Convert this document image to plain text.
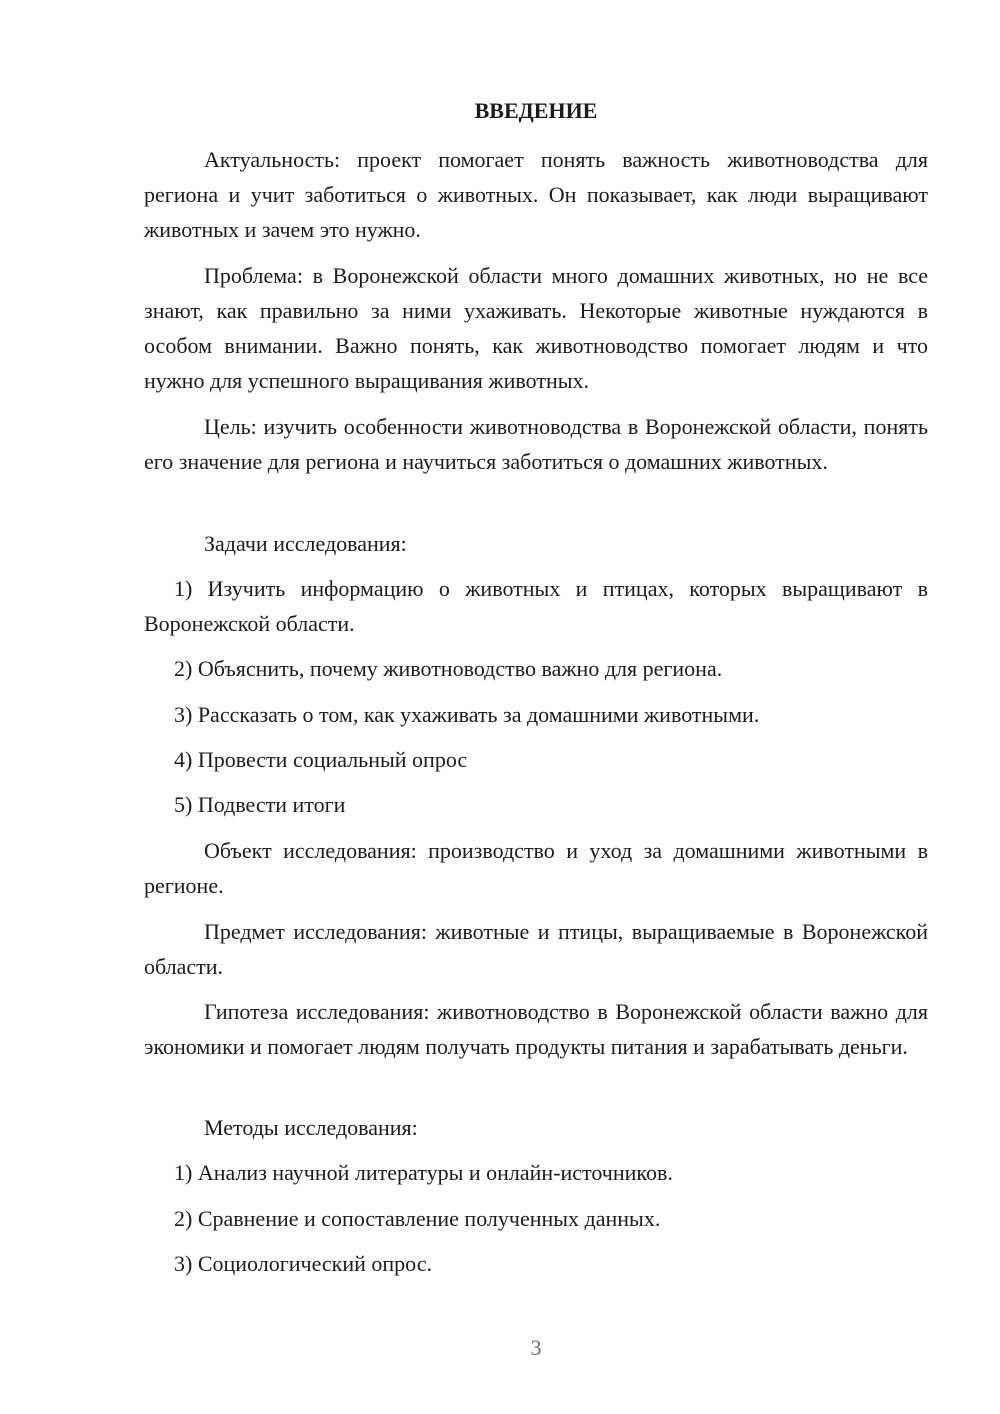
ВВЕДЕНИЕ

Актуальность: проект помогает понять важность животноводства для региона и учит заботиться о животных. Он показывает, как люди выращивают животных и зачем это нужно.

Проблема: в Воронежской области много домашних животных, но не все знают, как правильно за ними ухаживать. Некоторые животные нуждаются в особом внимании. Важно понять, как животноводство помогает людям и что нужно для успешного выращивания животных.

Цель: изучить особенности животноводства в Воронежской области, понять его значение для региона и научиться заботиться о домашних животных.

Задачи исследования:

1) Изучить информацию о животных и птицах, которых выращивают в Воронежской области.

2) Объяснить, почему животноводство важно для региона.

3) Рассказать о том, как ухаживать за домашними животными.

4) Провести социальный опрос

5) Подвести итоги

Объект исследования: производство и уход за домашними животными в регионе.

Предмет исследования: животные и птицы, выращиваемые в Воронежской области.

Гипотеза исследования: животноводство в Воронежской области важно для экономики и помогает людям получать продукты питания и зарабатывать деньги.

Методы исследования:

1) Анализ научной литературы и онлайн-источников.

2) Сравнение и сопоставление полученных данных.

3) Социологический опрос.

3
